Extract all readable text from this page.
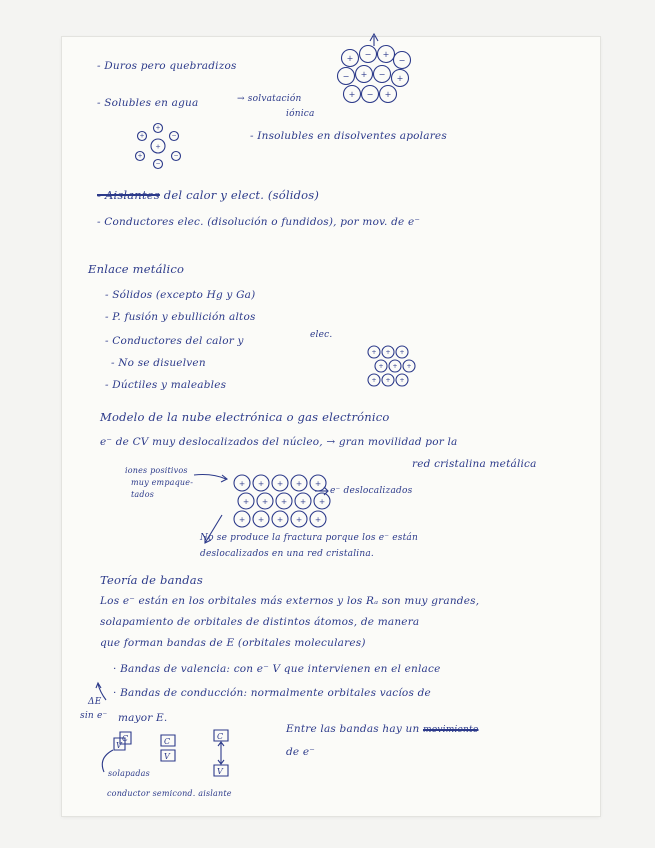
- Duros pero quebradizos
- Solubles en agua	→ solvatación
iónica
- Insolubles en disolventes apolares
- Aislantes del calor y elect. (sólidos)
- Conductores elec. (disolución o fundidos), por mov. de e⁻
+ − +
−
− + − +
+ − +
+
+	−
+	−
+
−
Enlace metálico
- Sólidos (excepto Hg y Ga)
- P. fusión y ebullición altos
- Conductores del calor y	elec.
- No se disuelven
- Dúctiles y maleables
+ + +
+ + +
+ + +
Modelo de la nube electrónica o gas electrónico
e⁻ de CV muy deslocalizados del núcleo, → gran movilidad por la
red cristalina metálica
iones positivos
muy empaque-
tados	e⁻ deslocalizados
+ + + + +
+ + + + +
+ + + + +
No se produce la fractura porque los e⁻ están
deslocalizados en una red cristalina.
Teoría de bandas
Los e⁻ están en los orbitales más externos y los Rₐ son muy grandes,
solapamiento de orbitales de distintos átomos, de manera
que forman bandas de E (orbitales moleculares)
· Bandas de valencia: con e⁻ V que intervienen en el enlace
· Bandas de conducción: normalmente orbitales vacíos de
mayor E.
ΔE
sin e⁻
Entre las bandas hay un movimiento
de e⁻
C
V	C
V
C
V
solapadas
conductor semicond. aislante
